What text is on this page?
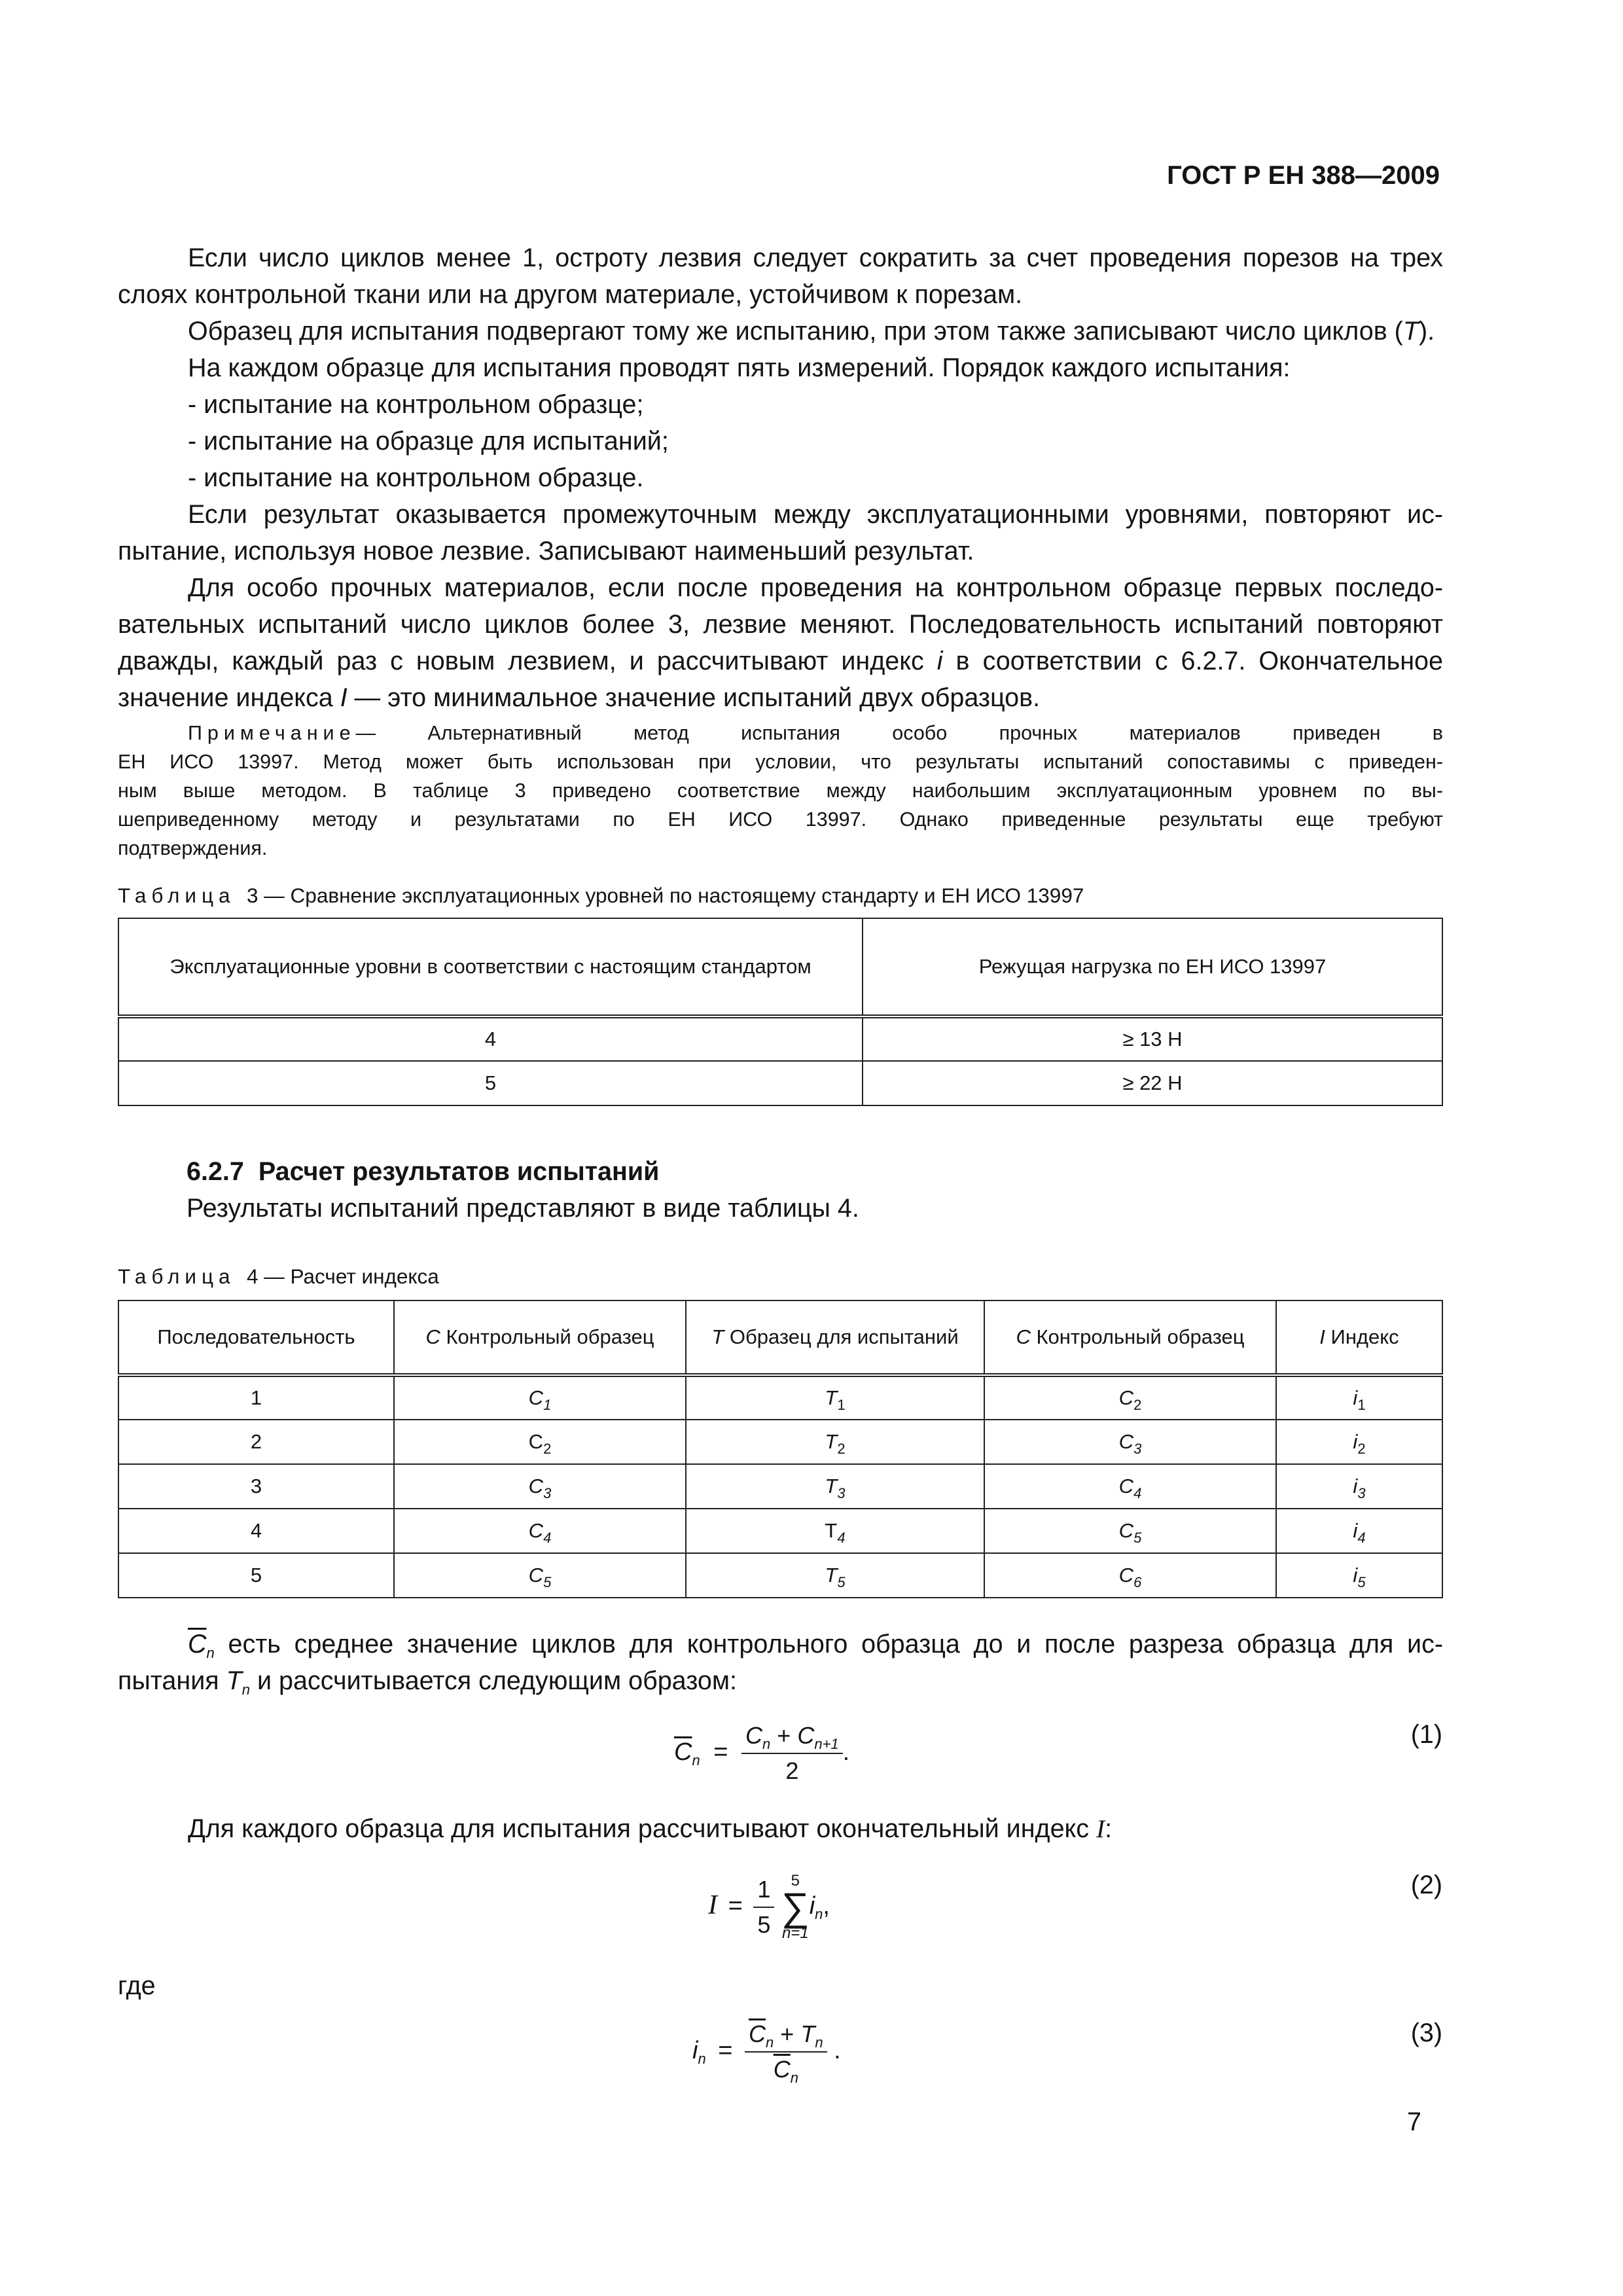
ГОСТ Р ЕН 388—2009
Если число циклов менее 1, остроту лезвия следует сократить за счет проведения порезов на трех
слоях контрольной ткани или на другом материале, устойчивом к порезам.
Образец для испытания подвергают тому же испытанию, при этом также записывают число циклов (T).
На каждом образце для испытания проводят пять измерений. Порядок каждого испытания:
- испытание на контрольном образце;
- испытание на образце для испытаний;
- испытание на контрольном образце.
Если результат оказывается промежуточным между эксплуатационными уровнями, повторяют ис-
пытание, используя новое лезвие. Записывают наименьший результат.
Для особо прочных материалов, если после проведения на контрольном образце первых последо-
вательных испытаний число циклов более 3, лезвие меняют. Последовательность испытаний повторяют
дважды, каждый раз с новым лезвием, и рассчитывают индекс i в соответствии с 6.2.7. Окончательное
значение индекса I — это минимальное значение испытаний двух образцов.
Примечание— Альтернативный метод испытания особо прочных материалов приведен в
ЕН ИСО 13997. Метод может быть использован при условии, что результаты испытаний сопоставимы с приведен-
ным выше методом. В таблице 3 приведено соответствие между наибольшим эксплуатационным уровнем по вы-
шеприведенному методу и результатами по ЕН ИСО 13997. Однако приведенные результаты еще требуют
подтверждения.
Таблица 3 — Сравнение эксплуатационных уровней по настоящему стандарту и ЕН ИСО 13997
Эксплуатационные уровни в соответствии с настоящим стандартом	Режущая нагрузка по ЕН ИСО 13997
4	≥ 13 Н
5	≥ 22 Н
6.2.7 Расчет результатов испытаний
Результаты испытаний представляют в виде таблицы 4.
Таблица 4 — Расчет индекса
Последовательность	C Контрольный образец	T Образец для испытаний	C Контрольный образец	I Индекс
1	$C_1$	$T_1$	$C_2$	$i_1$
2	$C_2$	$T_2$	$C_3$	$i_2$
3	$C_3$	$T_3$	$C_4$	$i_3$
4	$C_4$	$T_4$	$C_5$	$i_4$
5	$C_5$	$T_5$	$C_6$	$i_5$
$\overline{C}_n$ есть среднее значение циклов для контрольного образца до и после разреза образца для ис-
пытания $T_n$ и рассчитывается следующим образом:
$\overline{C}_n = \frac{C_n + C_{n+1}}{2}$ .
(1)
Для каждого образца для испытания рассчитывают окончательный индекс I:
$I = \frac{1}{5}$
5
∑
n=1
$i_n$,
(2)
где
$i_n = \frac{\overline{C}_n + T_n}{\overline{C}_n}$ .
(3)
7
